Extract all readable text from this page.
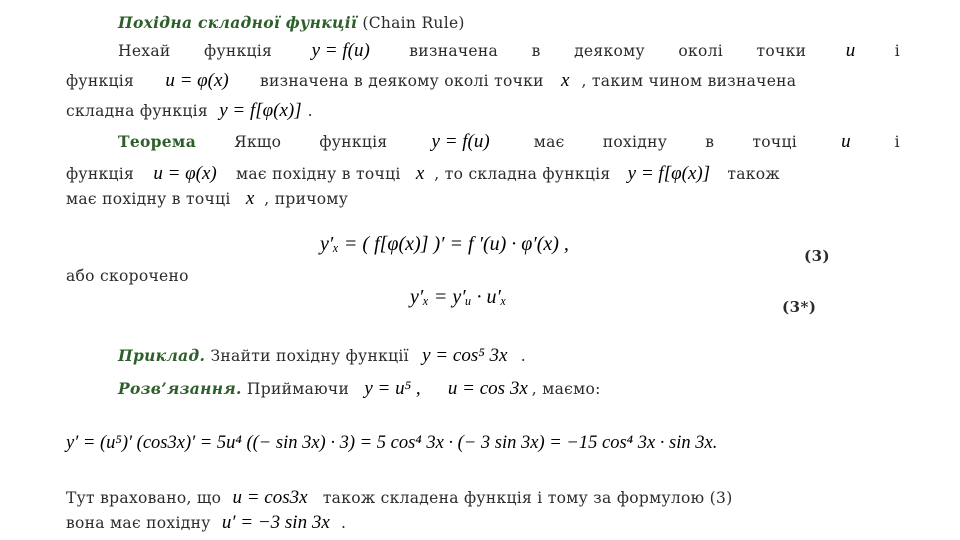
Похідна складної функції (Chain Rule)
Нехай функція	y = f(u)	визначена в деякому околі точки	u	і
функція u = φ(x) визначена в деякому околі точки x , таким чином визначена
складна функція y = f[φ(x)] .
Теорема Якщо функція	y = f(u)	має похідну в точці	u	і
функція u = φ(x) має похідну в точці x , то складна функція y = f[φ(x)] також
має похідну в точці x , причому
y′ₓ = ( f[φ(x)] )′ = f ′(u) · φ′(x) ,
(3)
або скорочено
y′ₓ = y′ᵤ · u′ₓ	(3*)
Приклад. Знайти похідну функції y = cos⁵ 3x .
Розв’язання. Приймаючи y = u⁵ , u = cos 3x , маємо:
y′ = (u⁵)′ (cos3x)′ = 5u⁴ ((− sin 3x) · 3) = 5 cos⁴ 3x · (− 3 sin 3x) = −15 cos⁴ 3x · sin 3x.
Тут враховано, що u = cos3x також складена функція і тому за формулою (3)
вона має похідну u′ = −3 sin 3x .
